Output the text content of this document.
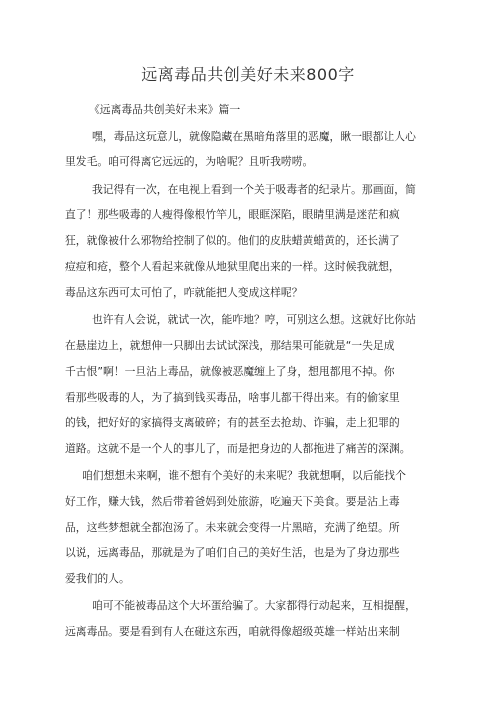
远离毒品共创美好未来800字
《远离毒品共创美好未来》篇一
嘿，毒品这玩意儿，就像隐藏在黑暗角落里的恶魔，瞅一眼都让人心
里发毛。咱可得离它远远的，为啥呢？且听我唠唠。
我记得有一次，在电视上看到一个关于吸毒者的纪录片。那画面，简
直了！那些吸毒的人瘦得像根竹竿儿，眼眶深陷，眼睛里满是迷茫和疯
狂，就像被什么邪物给控制了似的。他们的皮肤蜡黄蜡黄的，还长满了
痘痘和疮，整个人看起来就像从地狱里爬出来的一样。这时候我就想，
毒品这东西可太可怕了，咋就能把人变成这样呢？
也许有人会说，就试一次，能咋地？哼，可别这么想。这就好比你站
在悬崖边上，就想伸一只脚出去试试深浅，那结果可能就是“一失足成
千古恨”啊！一旦沾上毒品，就像被恶魔缠上了身，想甩都甩不掉。你
看那些吸毒的人，为了搞到钱买毒品，啥事儿都干得出来。有的偷家里
的钱，把好好的家搞得支离破碎；有的甚至去抢劫、诈骗，走上犯罪的
道路。这就不是一个人的事儿了，而是把身边的人都拖进了痛苦的深渊。
咱们想想未来啊，谁不想有个美好的未来呢？我就想啊，以后能找个
好工作，赚大钱，然后带着爸妈到处旅游，吃遍天下美食。要是沾上毒
品，这些梦想就全都泡汤了。未来就会变得一片黑暗，充满了绝望。所
以说，远离毒品，那就是为了咱们自己的美好生活，也是为了身边那些
爱我们的人。
咱可不能被毒品这个大坏蛋给骗了。大家都得行动起来，互相提醒，
远离毒品。要是看到有人在碰这东西，咱就得像超级英雄一样站出来制
